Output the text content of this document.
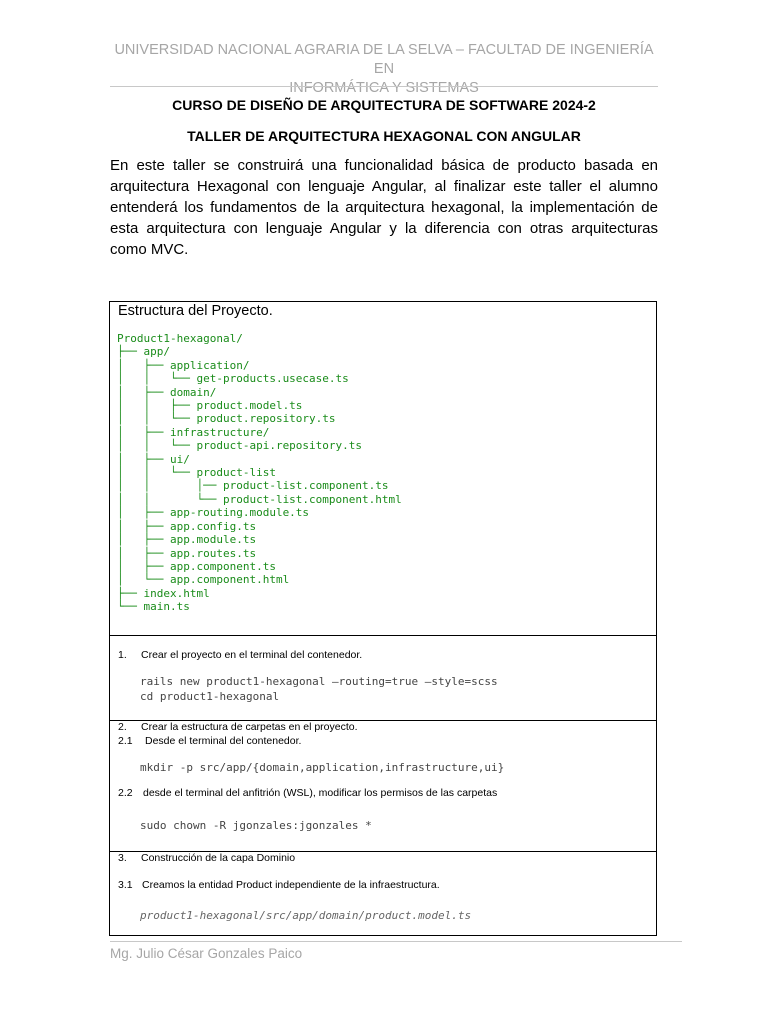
UNIVERSIDAD NACIONAL AGRARIA DE LA SELVA – FACULTAD DE INGENIERÍA EN
INFORMÁTICA Y SISTEMAS
CURSO DE DISEÑO DE ARQUITECTURA DE SOFTWARE 2024-2
TALLER DE ARQUITECTURA HEXAGONAL CON ANGULAR
En este taller se construirá una funcionalidad básica de producto basada en arquitectura Hexagonal con lenguaje Angular, al finalizar este taller el alumno entenderá los fundamentos de la arquitectura hexagonal, la implementación de esta arquitectura con lenguaje Angular y la diferencia con otras arquitecturas como MVC.
Estructura del Proyecto.
Product1-hexagonal/
├── app/
│   ├── application/
│   │   └── get-products.usecase.ts
│   ├── domain/
│   │   ├── product.model.ts
│   │   └── product.repository.ts
│   ├── infrastructure/
│   │   └── product-api.repository.ts
│   ├── ui/
│   │   └── product-list
│   │       │── product-list.component.ts
│   │       └── product-list.component.html
│   ├── app-routing.module.ts
│   ├── app.config.ts
│   ├── app.module.ts
│   ├── app.routes.ts
│   ├── app.component.ts
│   └── app.component.html
├── index.html
└── main.ts
1. Crear el proyecto en el terminal del contenedor.
rails new product1-hexagonal –routing=true –style=scss
cd product1-hexagonal
2. Crear la estructura de carpetas en el proyecto.
2.1 Desde el terminal del contenedor.
mkdir -p src/app/{domain,application,infrastructure,ui}
2.2 desde el terminal del anfitrión (WSL), modificar los permisos de las carpetas
sudo chown -R jgonzales:jgonzales *
3. Construcción de la capa Dominio
3.1 Creamos la entidad Product independiente de la infraestructura.
product1-hexagonal/src/app/domain/product.model.ts
Mg. Julio César Gonzales Paico
